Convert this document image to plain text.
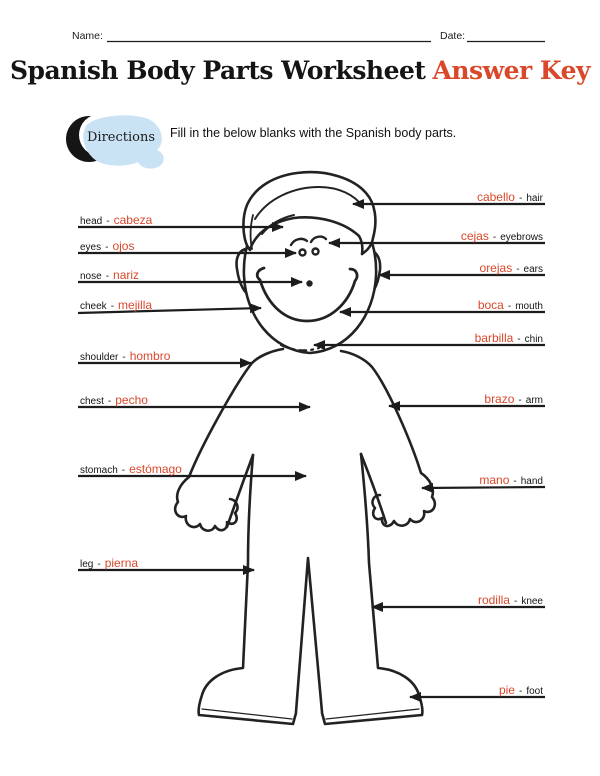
Name:	Date:
Spanish Body Parts Worksheet Answer Key
Directions Fill in the below blanks with the Spanish body parts.
head - cabeza
eyes - ojos
nose - nariz
cheek - mejilla
shoulder - hombro
chest - pecho
stomach - estómago
leg - pierna
cabello - hair
cejas - eyebrows
orejas - ears
boca - mouth
barbilla - chin
brazo - arm
mano - hand
rodilla - knee
pie - foot
